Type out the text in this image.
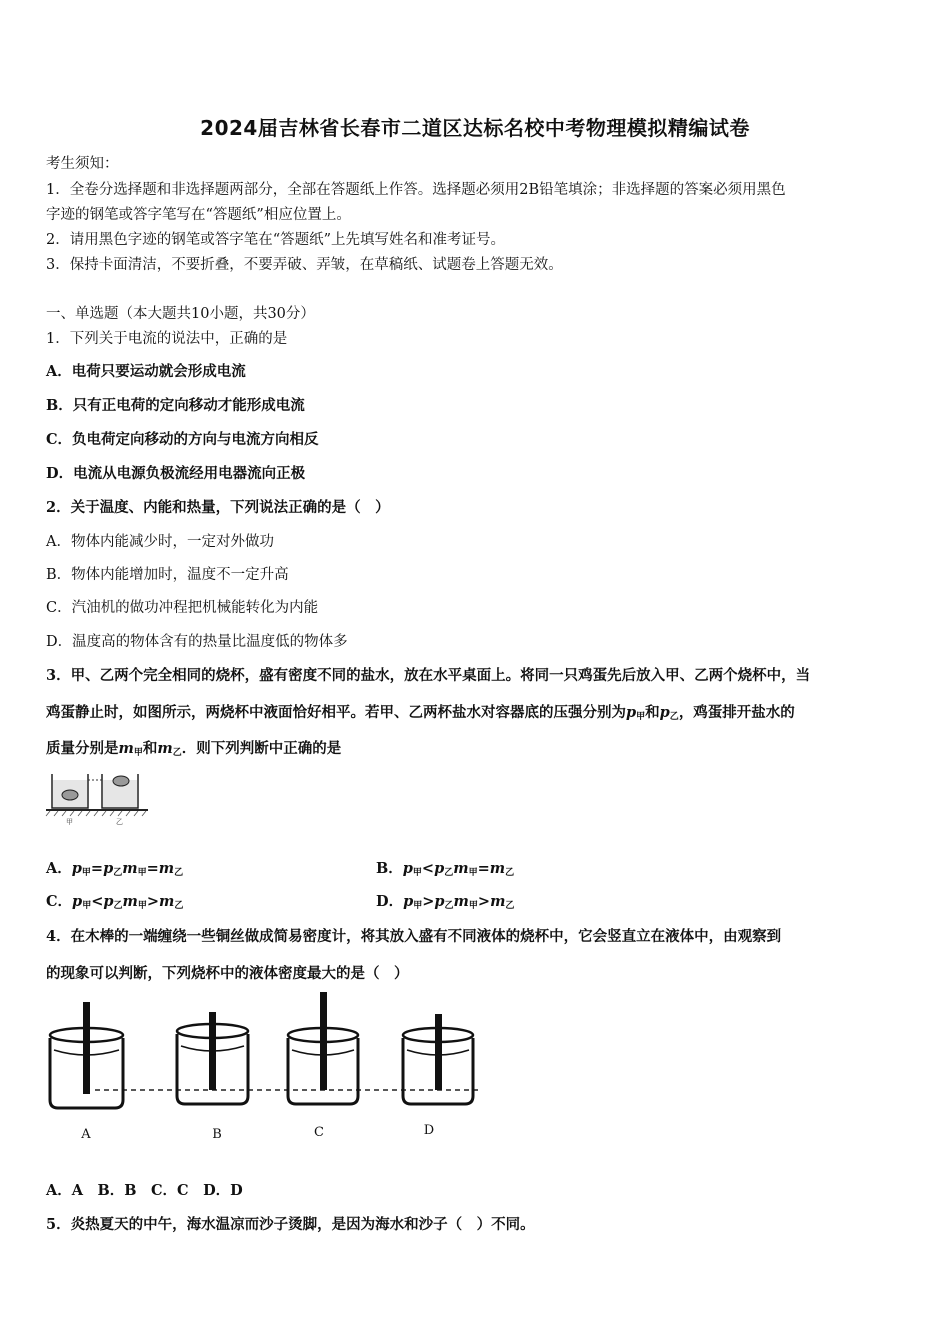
2024届吉林省长春市二道区达标名校中考物理模拟精编试卷
考生须知：
1．全卷分选择题和非选择题两部分，全部在答题纸上作答。选择题必须用2B铅笔填涂；非选择题的答案必须用黑色
字迹的钢笔或答字笔写在“答题纸”相应位置上。
2．请用黑色字迹的钢笔或答字笔在“答题纸”上先填写姓名和准考证号。
3．保持卡面清洁，不要折叠，不要弄破、弄皱，在草稿纸、试题卷上答题无效。
一、单选题（本大题共10小题，共30分）
1．下列关于电流的说法中，正确的是
A．电荷只要运动就会形成电流
B．只有正电荷的定向移动才能形成电流
C．负电荷定向移动的方向与电流方向相反
D．电流从电源负极流经用电器流向正极
2．关于温度、内能和热量，下列说法正确的是（　）
A．物体内能减少时，一定对外做功
B．物体内能增加时，温度不一定升高
C．汽油机的做功冲程把机械能转化为内能
D．温度高的物体含有的热量比温度低的物体多
3．甲、乙两个完全相同的烧杯，盛有密度不同的盐水，放在水平桌面上。将同一只鸡蛋先后放入甲、乙两个烧杯中，当
鸡蛋静止时，如图所示，两烧杯中液面恰好相平。若甲、乙两杯盐水对容器底的压强分别为$p_甲$和$p_乙$，鸡蛋排开盐水的
质量分别是$m_甲$和$m_乙$．则下列判断中正确的是
甲	乙
A．$p_甲=p_乙m_甲=m_乙$	B．$p_甲<p_乙m_甲=m_乙$
C．$p_甲<p_乙m_甲>m_乙$	D．$p_甲>p_乙m_甲>m_乙$
4．在木棒的一端缠绕一些铜丝做成简易密度计，将其放入盛有不同液体的烧杯中，它会竖直立在液体中，由观察到
的现象可以判断，下列烧杯中的液体密度最大的是（　）
A	B	C	D
A．A　B．B　C．C　D．D
5．炎热夏天的中午，海水温凉而沙子烫脚，是因为海水和沙子（　）不同。
